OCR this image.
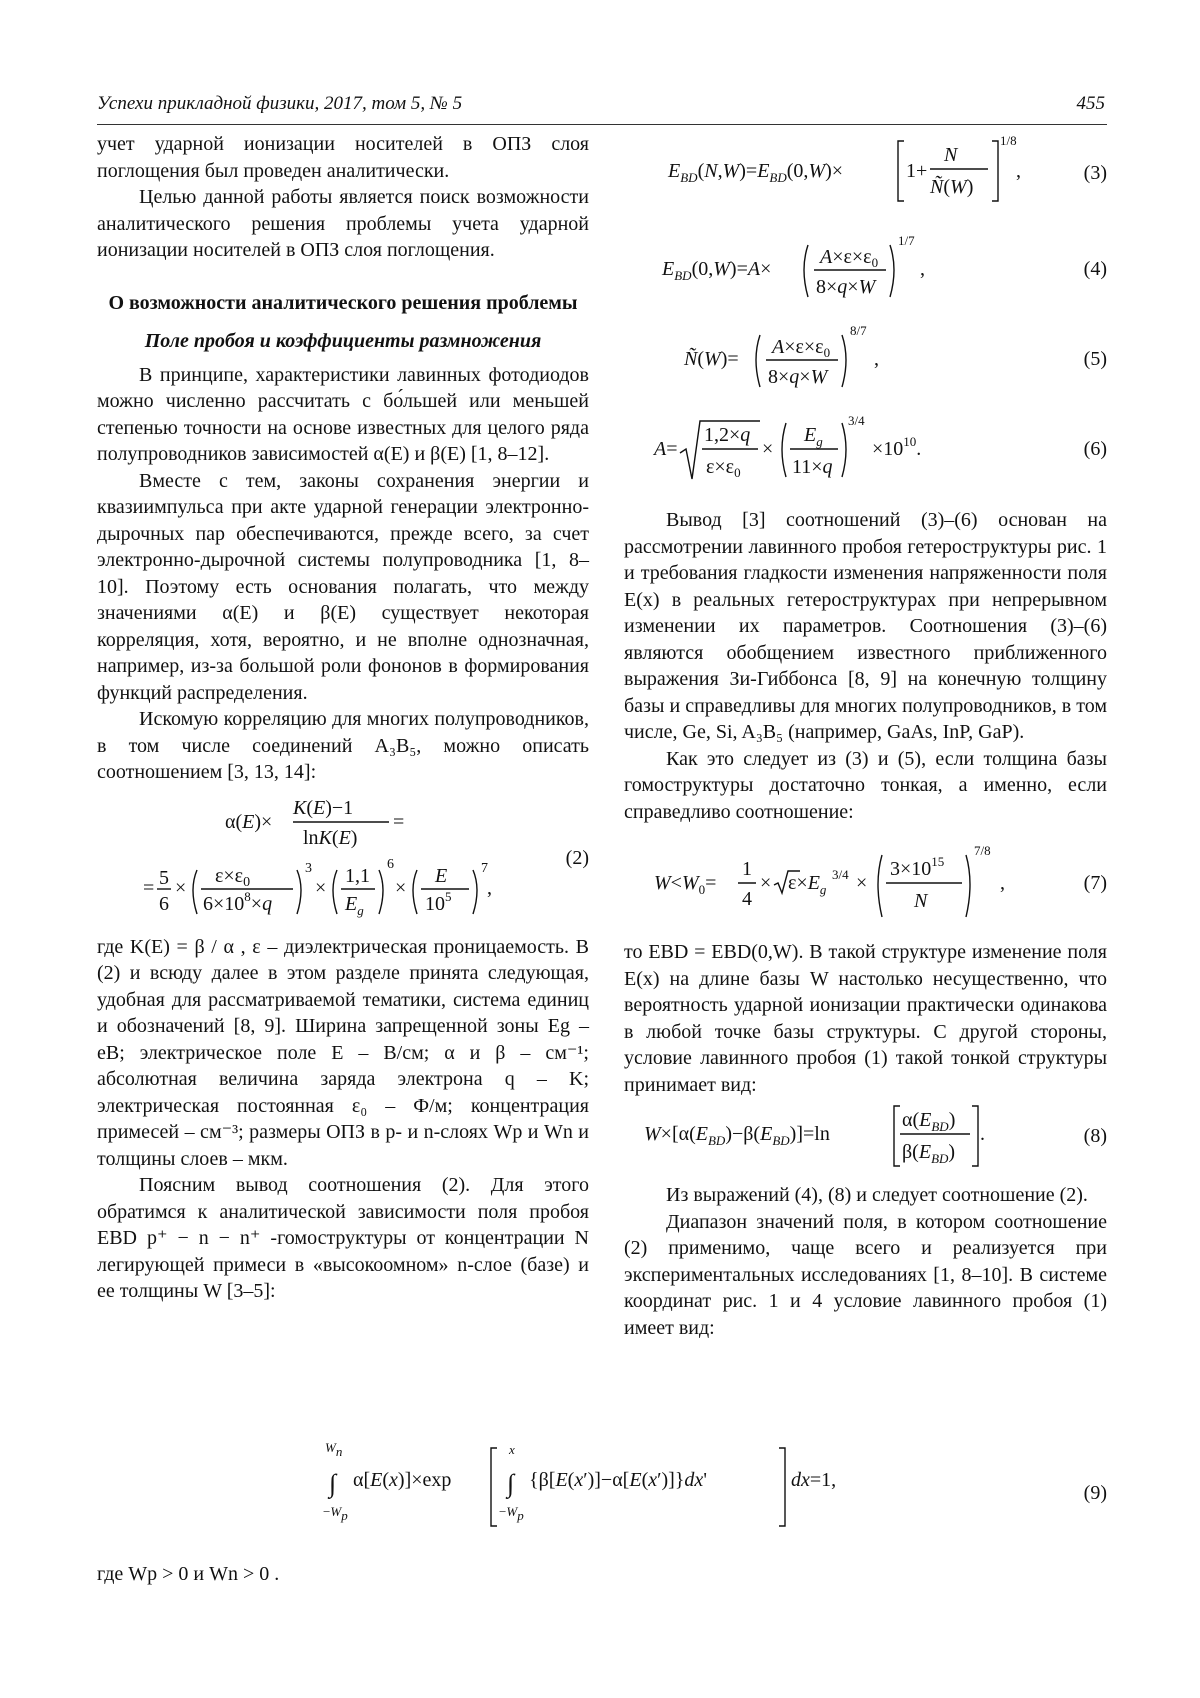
Успехи прикладной физики, 2017, том 5, № 5	455

учет ударной ионизации носителей в ОПЗ слоя поглощения был проведен аналитически.

Целью данной работы является поиск возможности аналитического решения проблемы учета ударной ионизации носителей в ОПЗ слоя поглощения.

О возможности аналитического решения проблемы
Поле пробоя и коэффициенты размножения

В принципе, характеристики лавинных фотодиодов можно численно рассчитать с бо́льшей или меньшей степенью точности на основе известных для целого ряда полупроводников зависимостей α(E) и β(E) [1, 8–12].

Вместе с тем, законы сохранения энергии и квазиимпульса при акте ударной генерации электронно-дырочных пар обеспечиваются, прежде всего, за счет электронно-дырочной системы полупроводника [1, 8–10]. Поэтому есть основания полагать, что между значениями α(E) и β(E) существует некоторая корреляция, хотя, вероятно, и не вполне однозначная, например, из-за большой роли фононов в формирования функций распределения.

Искомую корреляцию для многих полупроводников, в том числе соединений A₃B₅, можно описать соотношением [3, 13, 14]:

α(E)×
K(E)−1
lnK(E)
=
= 5
6
×
$\varepsilon\times\varepsilon_0$
$6\times 10^8\times q$
3
×
1,1
$E_g$
6
×
E
$10^5$
7
,
(2)

где K(E) = β / α , ε – диэлектрическая проницаемость. В (2) и всюду далее в этом разделе принята следующая, удобная для рассматриваемой тематики, система единиц и обозначений [8, 9]. Ширина запрещенной зоны Eg – еВ; электрическое поле E – В/см; α и β – см⁻¹; абсолютная величина заряда электрона q – K; электрическая постоянная ε₀ – Ф/м; концентрация примесей – см⁻³; размеры ОПЗ в p- и n-слоях Wp и Wn и толщины слоев – мкм.

Поясним вывод соотношения (2). Для этого обратимся к аналитической зависимости поля пробоя EBD p⁺ − n − n⁺ -гомоструктуры от концентрации N легирующей примеси в «высокоомном» n-слое (базе) и ее толщины W [3–5]:

$E_{BD}(N,W)=E_{BD}(0,W)\times$	1+
N
Ñ(W)
1/8
,	(3)
$E_{BD}(0,W)=A\times$
$A\times\varepsilon\times\varepsilon_0$
8×q×W
1/7
,	(4)
Ñ(W)=
$A\times\varepsilon\times\varepsilon_0$
8×q×W
8/7
,	(5)
A=
1,2×q
$\varepsilon\times\varepsilon_0$
×
$E_g$
11×q
3/4
$\times 10^{10}$.	(6)

Вывод [3] соотношений (3)–(6) основан на рассмотрении лавинного пробоя гетероструктуры рис. 1 и требования гладкости изменения напряженности поля E(x) в реальных гетероструктурах при непрерывном изменении их параметров. Соотношения (3)–(6) являются обобщением известного приближенного выражения Зи-Гиббонса [8, 9] на конечную толщину базы и справедливы для многих полупроводников, в том числе, Ge, Si, A₃B₅ (например, GaAs, InP, GaP).

Как это следует из (3) и (5), если толщина базы гомоструктуры достаточно тонкая, а именно, если справедливо соотношение:

$W<W_0=$
1
4
× $\varepsilon\times E_g$
3/4 ×
$3\times 10^{15}$
N
7/8
,	(7)

то EBD = EBD(0,W). В такой структуре изменение поля E(x) на длине базы W настолько несущественно, что вероятность ударной ионизации практически одинакова в любой точке базы структуры. С другой стороны, условие лавинного пробоя (1) такой тонкой структуры принимает вид:

$W\times[\alpha(E_{BD})-\beta(E_{BD})]=\ln$
$\alpha(E_{BD})$
$\beta(E_{BD})$
.	(8)

Из выражений (4), (8) и следует соотношение (2).

Диапазон значений поля, в котором соотношение (2) применимо, чаще всего и реализуется при экспериментальных исследованиях [1, 8–10]. В системе координат рис. 1 и 4 условие лавинного пробоя (1) имеет вид:

Wn
∫
−Wp
α[E(x)]×exp
x
∫
−Wp
{β[E(x′)]−α[E(x′)]}dx'	dx=1,
(9)
где Wp > 0 и Wn > 0 .
